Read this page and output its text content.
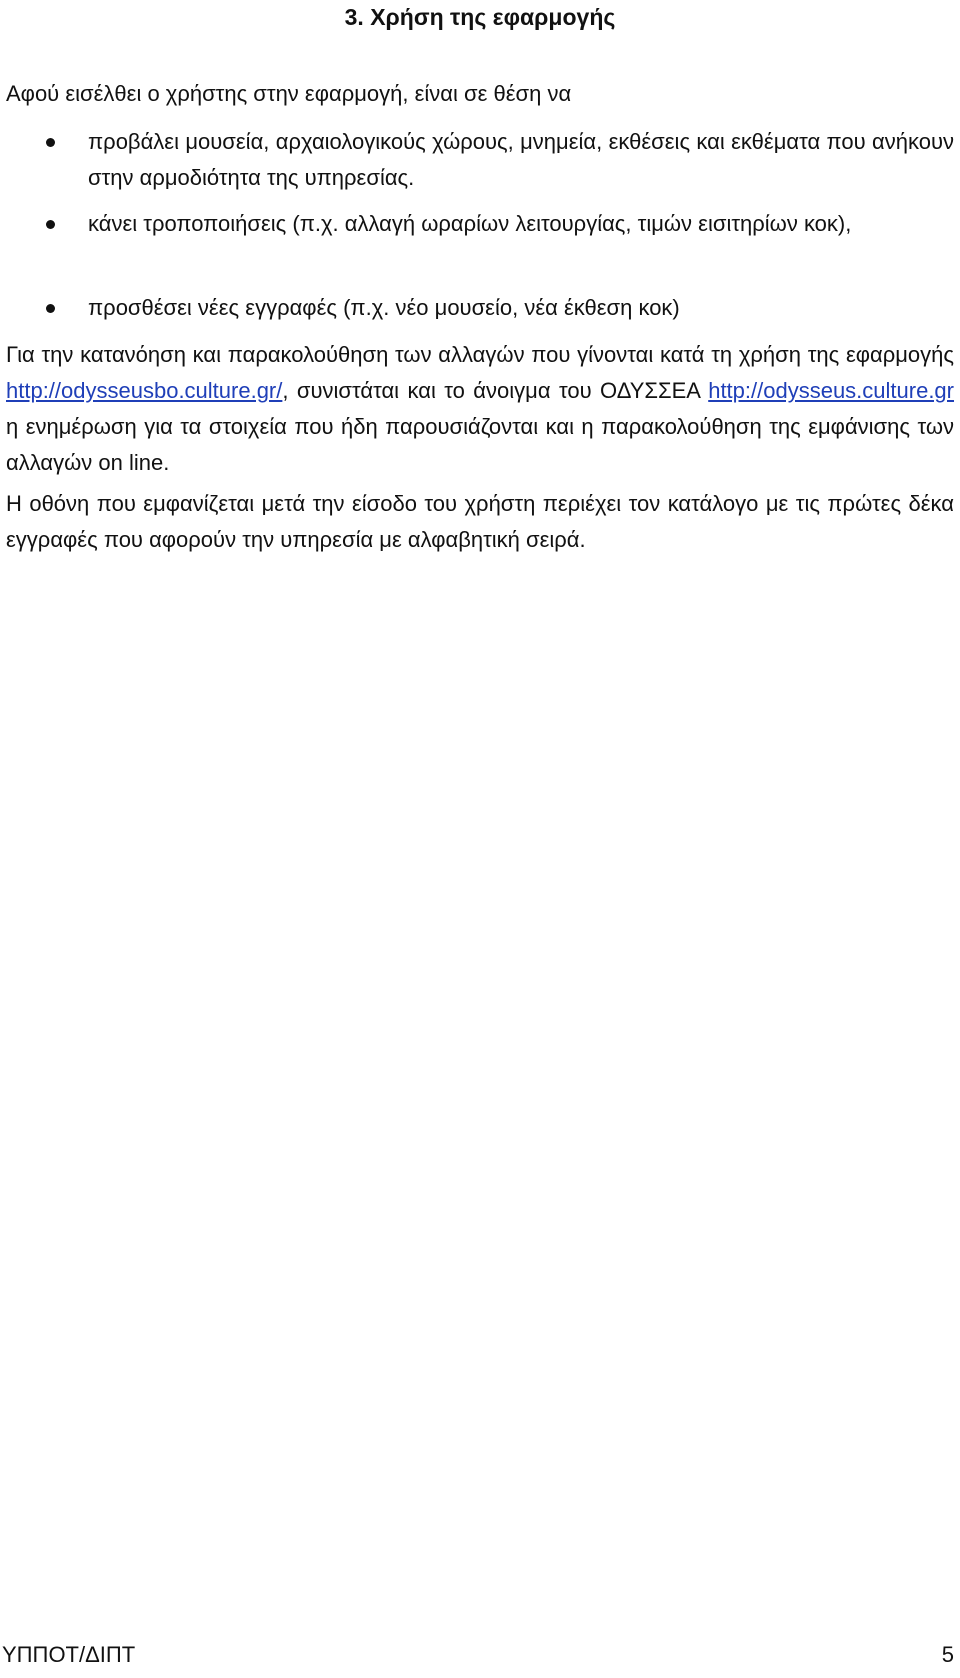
3. Χρήση της εφαρμογής

Αφού εισέλθει ο χρήστης στην εφαρμογή, είναι σε θέση να

προβάλει μουσεία, αρχαιολογικούς χώρους, μνημεία, εκθέσεις και εκθέματα που ανήκουν στην αρμοδιότητα της υπηρεσίας.
κάνει τροποποιήσεις (π.χ. αλλαγή ωραρίων λειτουργίας, τιμών εισιτηρίων κοκ),
προσθέσει νέες εγγραφές (π.χ. νέο μουσείο, νέα έκθεση κοκ)

Για την κατανόηση και παρακολούθηση των αλλαγών που γίνονται κατά τη χρήση της εφαρμογής http://odysseusbo.culture.gr/, συνιστάται και το άνοιγμα του ΟΔΥΣΣΕΑ http://odysseus.culture.gr η ενημέρωση για τα στοιχεία που ήδη παρουσιάζονται και η παρακολούθηση της εμφάνισης των αλλαγών on line.

Η οθόνη που εμφανίζεται μετά την είσοδο του χρήστη περιέχει τον κατάλογο με τις πρώτες δέκα εγγραφές που αφορούν την υπηρεσία με αλφαβητική σειρά.

ΥΠΠΟΤ/ΔΙΠΤ	5
